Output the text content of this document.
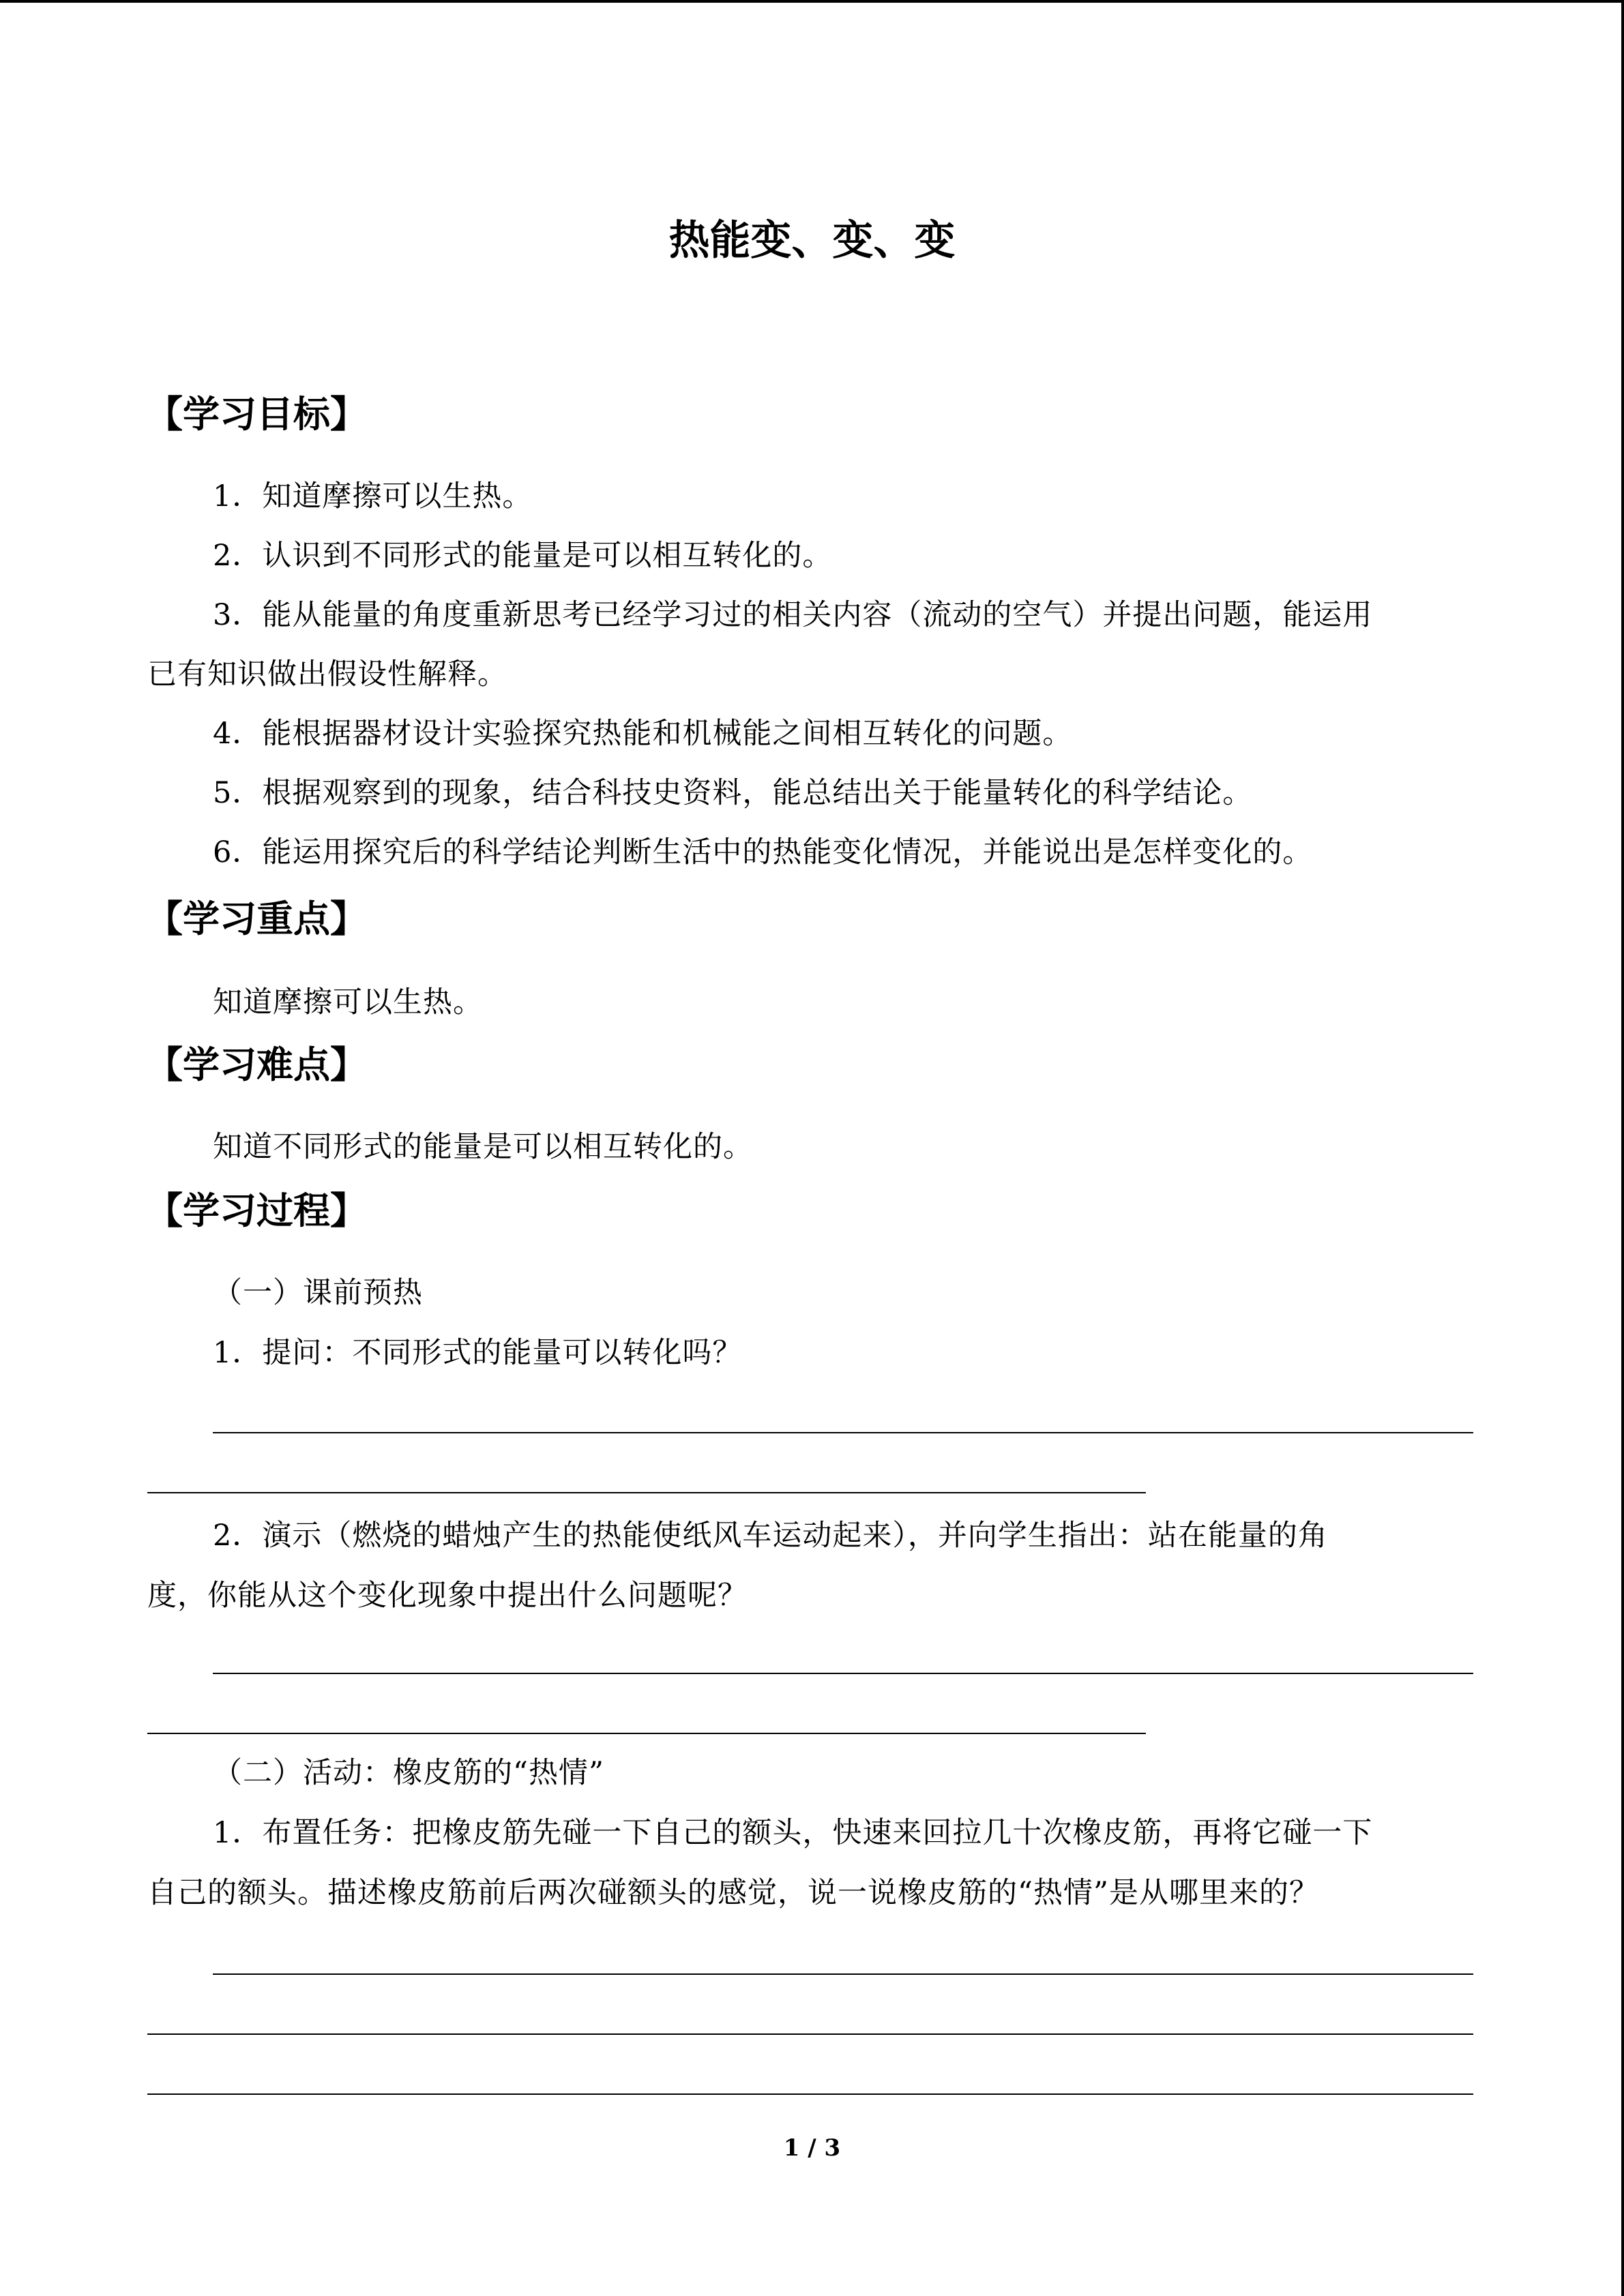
热能变、变、变
【学习目标】
1．知道摩擦可以生热。
2．认识到不同形式的能量是可以相互转化的。
3．能从能量的角度重新思考已经学习过的相关内容（流动的空气）并提出问题，能运用
已有知识做出假设性解释。
4．能根据器材设计实验探究热能和机械能之间相互转化的问题。
5．根据观察到的现象，结合科技史资料，能总结出关于能量转化的科学结论。
6．能运用探究后的科学结论判断生活中的热能变化情况，并能说出是怎样变化的。
【学习重点】
知道摩擦可以生热。
【学习难点】
知道不同形式的能量是可以相互转化的。
【学习过程】
（一）课前预热
1．提问：不同形式的能量可以转化吗？
2．演示（燃烧的蜡烛产生的热能使纸风车运动起来），并向学生指出：站在能量的角
度，你能从这个变化现象中提出什么问题呢？
（二）活动：橡皮筋的“热情”
1．布置任务：把橡皮筋先碰一下自己的额头，快速来回拉几十次橡皮筋，再将它碰一下
自己的额头。描述橡皮筋前后两次碰额头的感觉，说一说橡皮筋的“热情”是从哪里来的？
1 / 3
